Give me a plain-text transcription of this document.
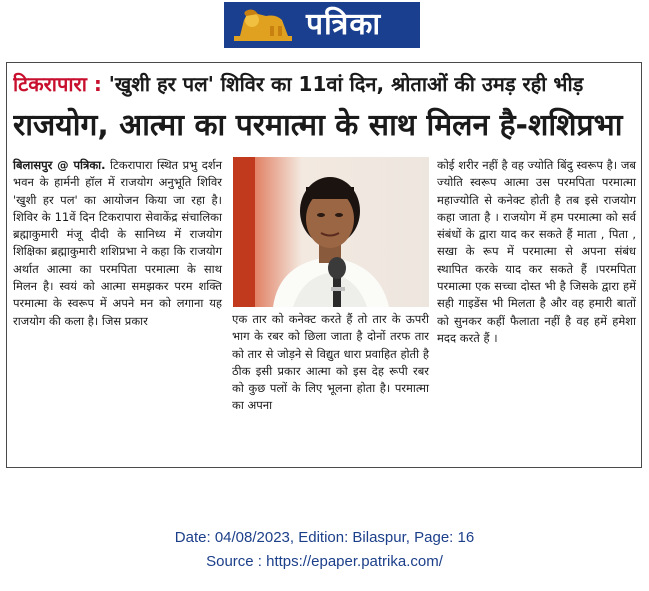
पत्रिका
टिकरापारा : 'खुशी हर पल' शिविर का 11वां दिन, श्रोताओं की उमड़ रही भीड़
राजयोग, आत्मा का परमात्मा के साथ मिलन है-शशिप्रभा
बिलासपुर @ पत्रिका. टिकरापारा स्थित प्रभु दर्शन भवन के हार्मनी हॉल में राजयोग अनुभूति शिविर 'खुशी हर पल' का आयोजन किया जा रहा है। शिविर के 11वें दिन टिकरापारा सेवाकेंद्र संचालिका ब्रह्माकुमारी मंजू दीदी के सानिध्य में राजयोग शिक्षिका ब्रह्माकुमारी शशिप्रभा ने कहा कि राजयोग अर्थात आत्मा का परमपिता परमात्मा के साथ मिलन है। स्वयं को आत्मा समझकर परम शक्ति परमात्मा के स्वरूप में अपने मन को लगाना यह राजयोग की कला है। जिस प्रकार	एक तार को कनेक्ट करते हैं तो तार के ऊपरी भाग के रबर को छिला जाता है दोनों तरफ तार को तार से जोड़ने से विद्युत धारा प्रवाहित होती है ठीक इसी प्रकार आत्मा को इस देह रूपी रबर को कुछ पलों के लिए भूलना होता है। परमात्मा का अपना
कोई शरीर नहीं है वह ज्योति बिंदु स्वरूप है। जब ज्योति स्वरूप आत्मा उस परमपिता परमात्मा महाज्योति से कनेक्ट होती है तब इसे राजयोग कहा जाता है । राजयोग में हम परमात्मा को सर्व संबंधों के द्वारा याद कर सकते हैं माता , पिता , सखा के रूप में परमात्मा से अपना संबंध स्थापित करके याद कर सकते हैं ।परमपिता परमात्मा एक सच्चा दोस्त भी है जिसके द्वारा हमें सही गाइडेंस भी मिलता है और वह हमारी बातों को सुनकर कहीं फैलाता नहीं है वह हमें हमेशा मदद करते हैं ।
Date: 04/08/2023, Edition: Bilaspur, Page: 16
Source : https://epaper.patrika.com/
